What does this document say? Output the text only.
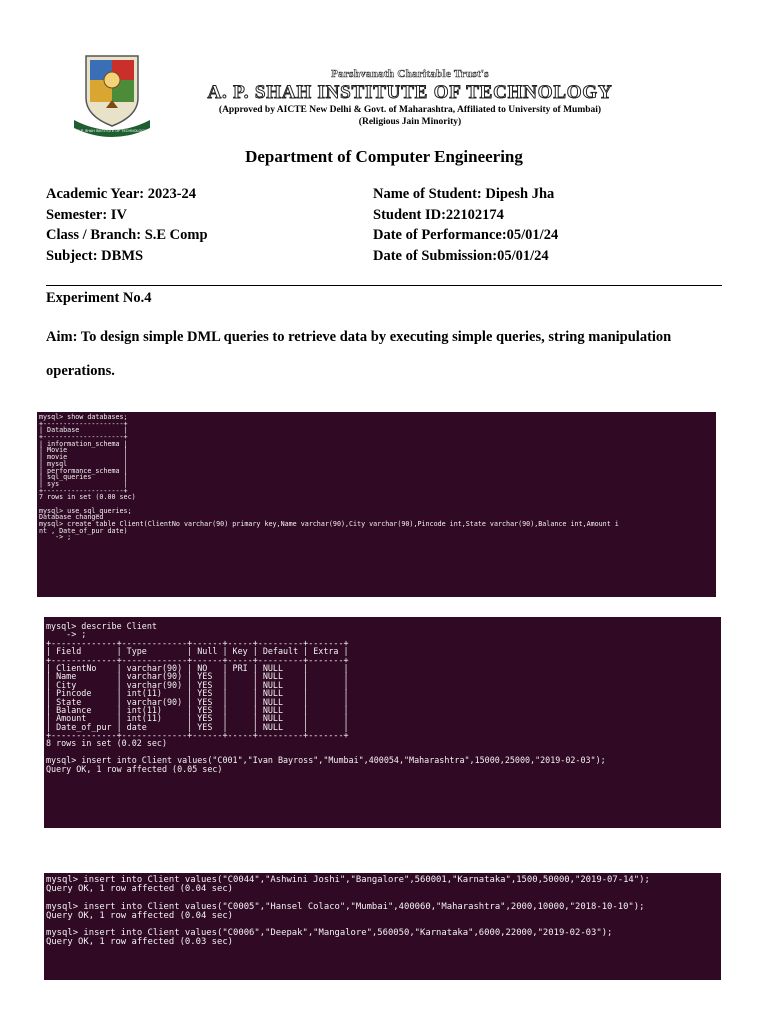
A.P. SHAH INSTITUTE OF TECHNOLOGY
Parshvanath Charitable Trust's
A. P. SHAH INSTITUTE OF TECHNOLOGY
(Approved by AICTE New Delhi & Govt. of Maharashtra, Affiliated to University of Mumbai)
(Religious Jain Minority)
Department of Computer Engineering
Academic Year: 2023-24
Semester: IV
Class / Branch: S.E Comp
Subject: DBMS
Name of Student: Dipesh Jha
Student ID:22102174
Date of Performance:05/01/24
Date of Submission:05/01/24
Experiment No.4
Aim: To design simple DML queries to retrieve data by executing simple queries, string manipulation operations.
mysql> show databases;
+--------------------+
| Database           |
+--------------------+
| information_schema |
| Movie              |
| movie              |
| mysql              |
| performance_schema |
| sql_queries        |
| sys                |
+--------------------+
7 rows in set (0.00 sec)
mysql> use sql_queries;
Database changed
mysql> create table Client(ClientNo varchar(90) primary key,Name varchar(90),City varchar(90),Pincode int,State varchar(90),Balance int,Amount i
nt , Date_of_pur date)
-> ;
mysql> describe Client
-> ;
+-------------+-------------+------+-----+---------+-------+
| Field       | Type        | Null | Key | Default | Extra |
+-------------+-------------+------+-----+---------+-------+
| ClientNo    | varchar(90) | NO   | PRI | NULL    |       |
| Name        | varchar(90) | YES  |     | NULL    |       |
| City        | varchar(90) | YES  |     | NULL    |       |
| Pincode     | int(11)     | YES  |     | NULL    |       |
| State       | varchar(90) | YES  |     | NULL    |       |
| Balance     | int(11)     | YES  |     | NULL    |       |
| Amount      | int(11)     | YES  |     | NULL    |       |
| Date_of_pur | date        | YES  |     | NULL    |       |
+-------------+-------------+------+-----+---------+-------+
8 rows in set (0.02 sec)
mysql> insert into Client values("C001","Ivan Bayross","Mumbai",400054,"Maharashtra",15000,25000,"2019-02-03");
Query OK, 1 row affected (0.05 sec)
mysql> insert into Client values("C0044","Ashwini Joshi","Bangalore",560001,"Karnataka",1500,50000,"2019-07-14");
Query OK, 1 row affected (0.04 sec)
mysql> insert into Client values("C0005","Hansel Colaco","Mumbai",400060,"Maharashtra",2000,10000,"2018-10-10");
Query OK, 1 row affected (0.04 sec)
mysql> insert into Client values("C0006","Deepak","Mangalore",560050,"Karnataka",6000,22000,"2019-02-03");
Query OK, 1 row affected (0.03 sec)
